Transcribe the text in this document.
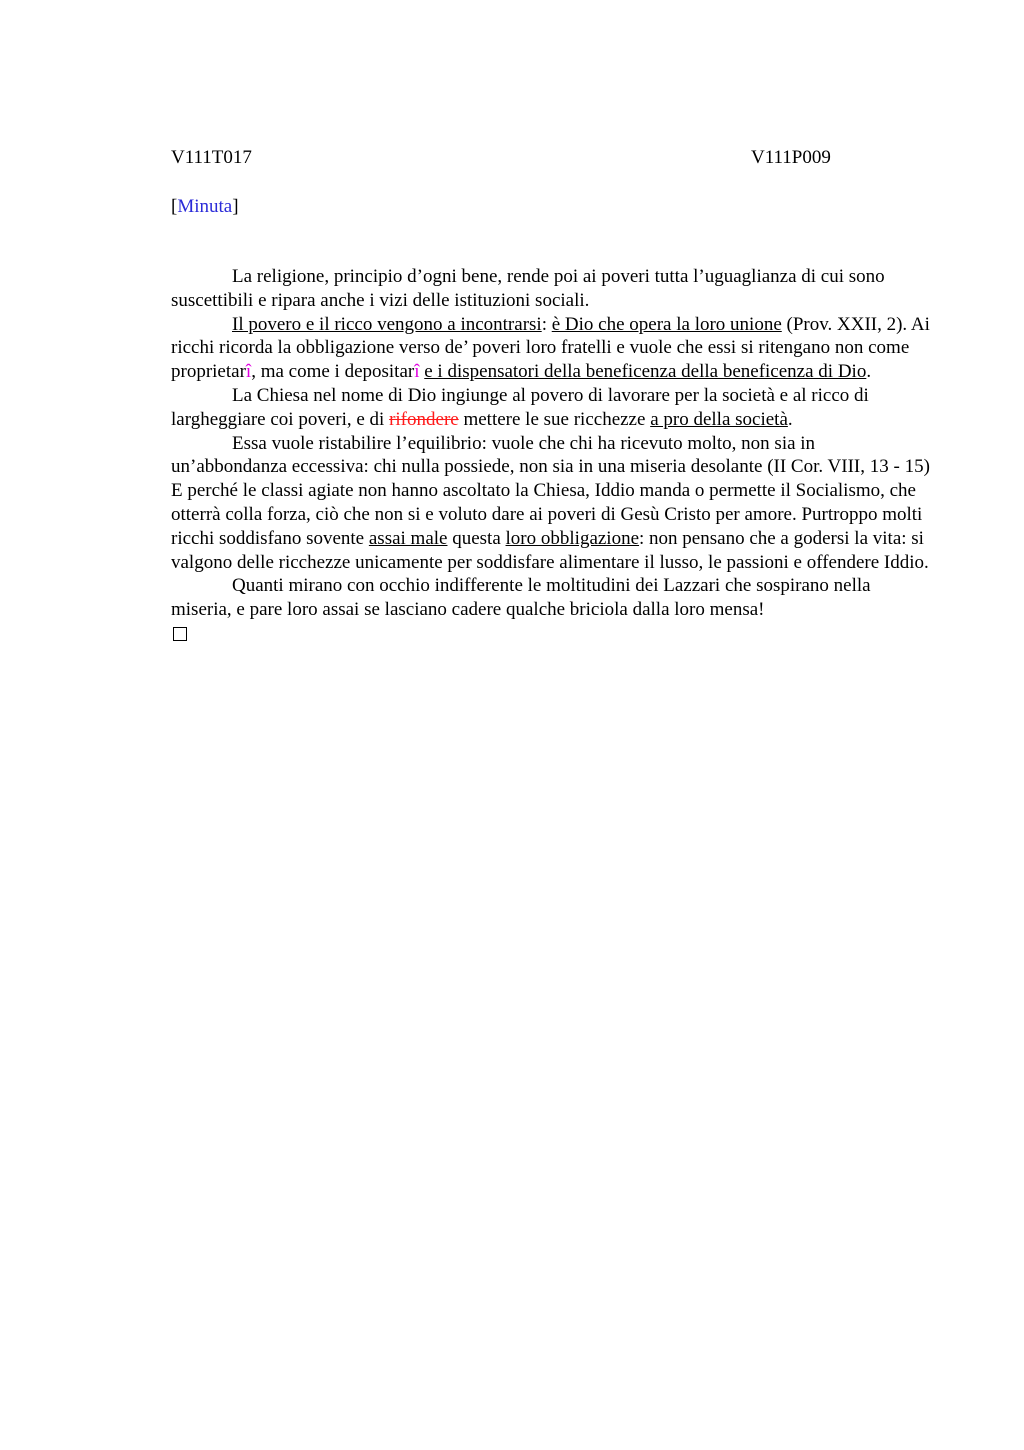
V111T017	V111P009
[Minuta]

La religione, principio d’ogni bene, rende poi ai poveri tutta l’uguaglianza di cui sono suscettibili e ripara anche i vizi delle istituzioni sociali.

Il povero e il ricco vengono a incontrarsi: è Dio che opera la loro unione (Prov. XXII, 2). Ai ricchi ricorda la obbligazione verso de’ poveri loro fratelli e vuole che essi si ritengano non come proprietarî, ma come i depositarî e i dispensatori della beneficenza della beneficenza di Dio.

La Chiesa nel nome di Dio ingiunge al povero di lavorare per la società e al ricco di largheggiare coi poveri, e di rifondere mettere le sue ricchezze a pro della società.

Essa vuole ristabilire l’equilibrio: vuole che chi ha ricevuto molto, non sia in un’abbondanza eccessiva: chi nulla possiede, non sia in una miseria desolante (II Cor. VIII, 13 - 15) E perché le classi agiate non hanno ascoltato la Chiesa, Iddio manda o permette il Socialismo, che otterrà colla forza, ciò che non si e voluto dare ai poveri di Gesù Cristo per amore. Purtroppo molti ricchi soddisfano sovente assai male questa loro obbligazione: non pensano che a godersi la vita: si valgono delle ricchezze unicamente per soddisfare alimentare il lusso, le passioni e offendere Iddio.

Quanti mirano con occhio indifferente le moltitudini dei Lazzari che sospirano nella miseria, e pare loro assai se lasciano cadere qualche briciola dalla loro mensa!
